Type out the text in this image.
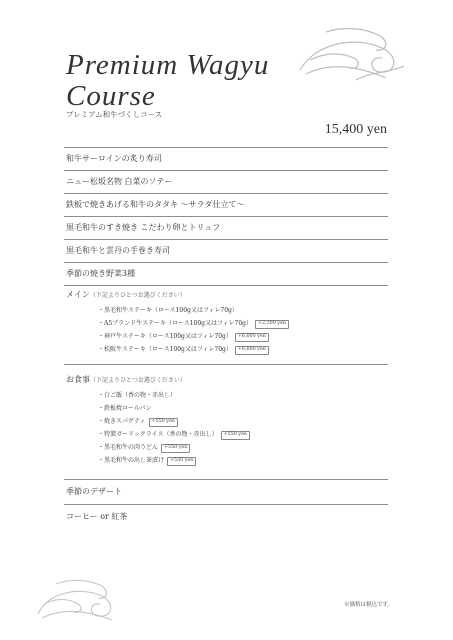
Premium Wagyu
Course
プレミアム和牛づくしコース
15,400 yen
和牛サーロインの炙り寿司
ニュー松坂名物 白菜のソテー
鉄板で焼きあげる和牛のタタキ 〜サラダ仕立て〜
黒毛和牛のすき焼き こだわり卵とトリュフ
黒毛和牛と雲丹の手巻き寿司
季節の焼き野菜3種
メイン（下記よりひとつお選びください）
・黒毛和牛ステーキ（ロース100g又はフィレ70g）
・A5ブランド牛ステーキ（ロース100g又はフィレ70g） +2,200 yen
・神戸牛ステーキ（ロース100g又はフィレ70g） +6,600 yen
・松阪牛ステーキ（ロース100g又はフィレ70g） +6,600 yen
お食事（下記よりひとつお選びください）
・白ご飯（香の物・赤出し）
・鉄板焼ロールパン
・焼きスパゲティ +550 yen
・特製ガーリックライス（香の物・赤出し） +550 yen
・黒毛和牛の肉うどん +550 yen
・黒毛和牛の出し茶漬け +550 yen
季節のデザート
コーヒー or 紅茶
※価格は税込です。
